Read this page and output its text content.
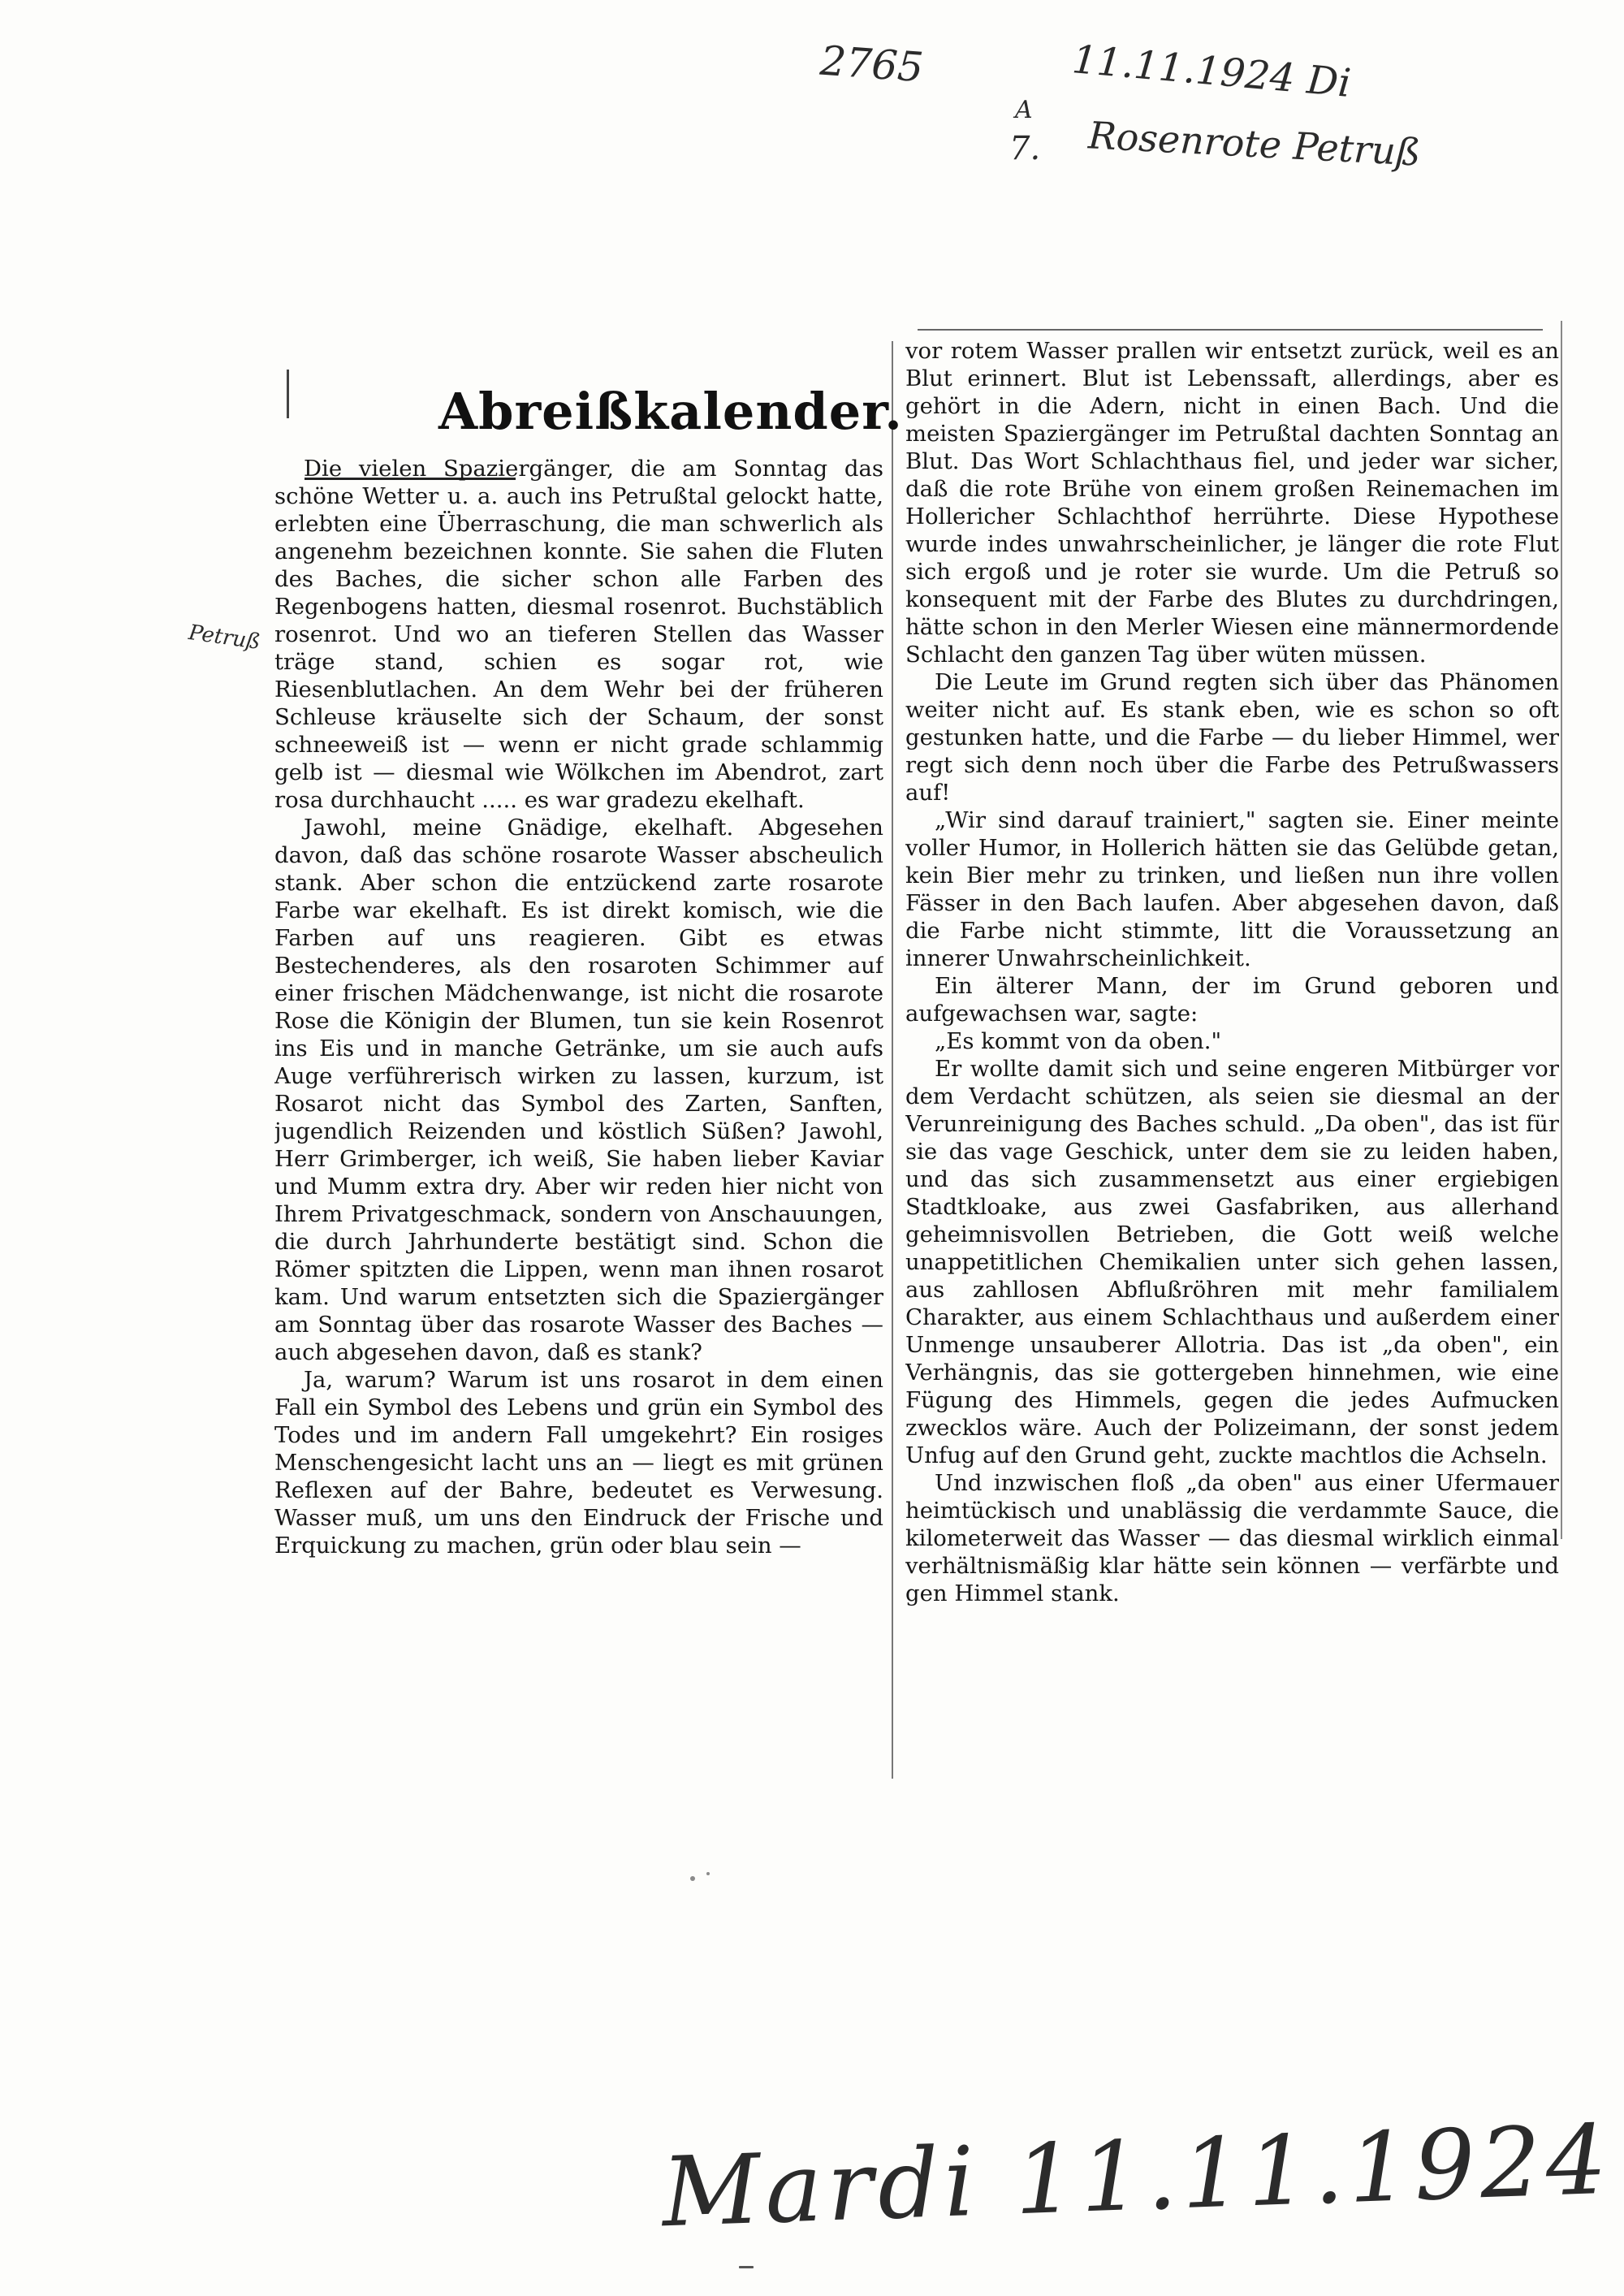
2765	11.11.1924 Di
A
7. Rosenrote Petruß
Petruß
Mardi 11.11.1924
Abreißkalender.

Die vielen Spaziergänger, die am Sonntag das schöne Wetter u. a. auch ins Petrußtal gelockt hatte, erlebten eine Überraschung, die man schwerlich als angenehm bezeichnen konnte. Sie sahen die Fluten des Baches, die sicher schon alle Farben des Regenbogens hatten, diesmal rosenrot. Buchstäblich rosenrot. Und wo an tieferen Stellen das Wasser träge stand, schien es sogar rot, wie Riesenblutlachen. An dem Wehr bei der früheren Schleuse kräuselte sich der Schaum, der sonst schneeweiß ist — wenn er nicht grade schlammig gelb ist — diesmal wie Wölkchen im Abendrot, zart rosa durchhaucht ..... es war gradezu ekelhaft.

Jawohl, meine Gnädige, ekelhaft. Abgesehen davon, daß das schöne rosarote Wasser abscheulich stank. Aber schon die entzückend zarte rosarote Farbe war ekelhaft. Es ist direkt komisch, wie die Farben auf uns reagieren. Gibt es etwas Bestechenderes, als den rosaroten Schimmer auf einer frischen Mädchenwange, ist nicht die rosarote Rose die Königin der Blumen, tun sie kein Rosenrot ins Eis und in manche Getränke, um sie auch aufs Auge verführerisch wirken zu lassen, kurzum, ist Rosarot nicht das Symbol des Zarten, Sanften, jugendlich Reizenden und köstlich Süßen? Jawohl, Herr Grimberger, ich weiß, Sie haben lieber Kaviar und Mumm extra dry. Aber wir reden hier nicht von Ihrem Privatgeschmack, sondern von Anschauungen, die durch Jahrhunderte bestätigt sind. Schon die Römer spitzten die Lippen, wenn man ihnen rosarot kam. Und warum entsetzten sich die Spaziergänger am Sonntag über das rosarote Wasser des Baches — auch abgesehen davon, daß es stank?

Ja, warum? Warum ist uns rosarot in dem einen Fall ein Symbol des Lebens und grün ein Symbol des Todes und im andern Fall umgekehrt? Ein rosiges Menschengesicht lacht uns an — liegt es mit grünen Reflexen auf der Bahre, bedeutet es Verwesung. Wasser muß, um uns den Eindruck der Frische und Erquickung zu machen, grün oder blau sein —

vor rotem Wasser prallen wir entsetzt zurück, weil es an Blut erinnert. Blut ist Lebenssaft, allerdings, aber es gehört in die Adern, nicht in einen Bach. Und die meisten Spaziergänger im Petrußtal dachten Sonntag an Blut. Das Wort Schlachthaus fiel, und jeder war sicher, daß die rote Brühe von einem großen Reinemachen im Hollericher Schlachthof herrührte. Diese Hypothese wurde indes unwahrscheinlicher, je länger die rote Flut sich ergoß und je roter sie wurde. Um die Petruß so konsequent mit der Farbe des Blutes zu durchdringen, hätte schon in den Merler Wiesen eine männermordende Schlacht den ganzen Tag über wüten müssen.

Die Leute im Grund regten sich über das Phänomen weiter nicht auf. Es stank eben, wie es schon so oft gestunken hatte, und die Farbe — du lieber Himmel, wer regt sich denn noch über die Farbe des Petrußwassers auf!

„Wir sind darauf trainiert," sagten sie. Einer meinte voller Humor, in Hollerich hätten sie das Gelübde getan, kein Bier mehr zu trinken, und ließen nun ihre vollen Fässer in den Bach laufen. Aber abgesehen davon, daß die Farbe nicht stimmte, litt die Voraussetzung an innerer Unwahrscheinlichkeit.

Ein älterer Mann, der im Grund geboren und aufgewachsen war, sagte:

„Es kommt von da oben."

Er wollte damit sich und seine engeren Mitbürger vor dem Verdacht schützen, als seien sie diesmal an der Verunreinigung des Baches schuld. „Da oben", das ist für sie das vage Geschick, unter dem sie zu leiden haben, und das sich zusammensetzt aus einer ergiebigen Stadtkloake, aus zwei Gasfabriken, aus allerhand geheimnisvollen Betrieben, die Gott weiß welche unappetitlichen Chemikalien unter sich gehen lassen, aus zahllosen Abflußröhren mit mehr familialem Charakter, aus einem Schlachthaus und außerdem einer Unmenge unsauberer Allotria. Das ist „da oben", ein Verhängnis, das sie gottergeben hinnehmen, wie eine Fügung des Himmels, gegen die jedes Aufmucken zwecklos wäre. Auch der Polizeimann, der sonst jedem Unfug auf den Grund geht, zuckte machtlos die Achseln.

Und inzwischen floß „da oben" aus einer Ufermauer heimtückisch und unablässig die verdammte Sauce, die kilometerweit das Wasser — das diesmal wirklich einmal verhältnismäßig klar hätte sein können — verfärbte und gen Himmel stank.
